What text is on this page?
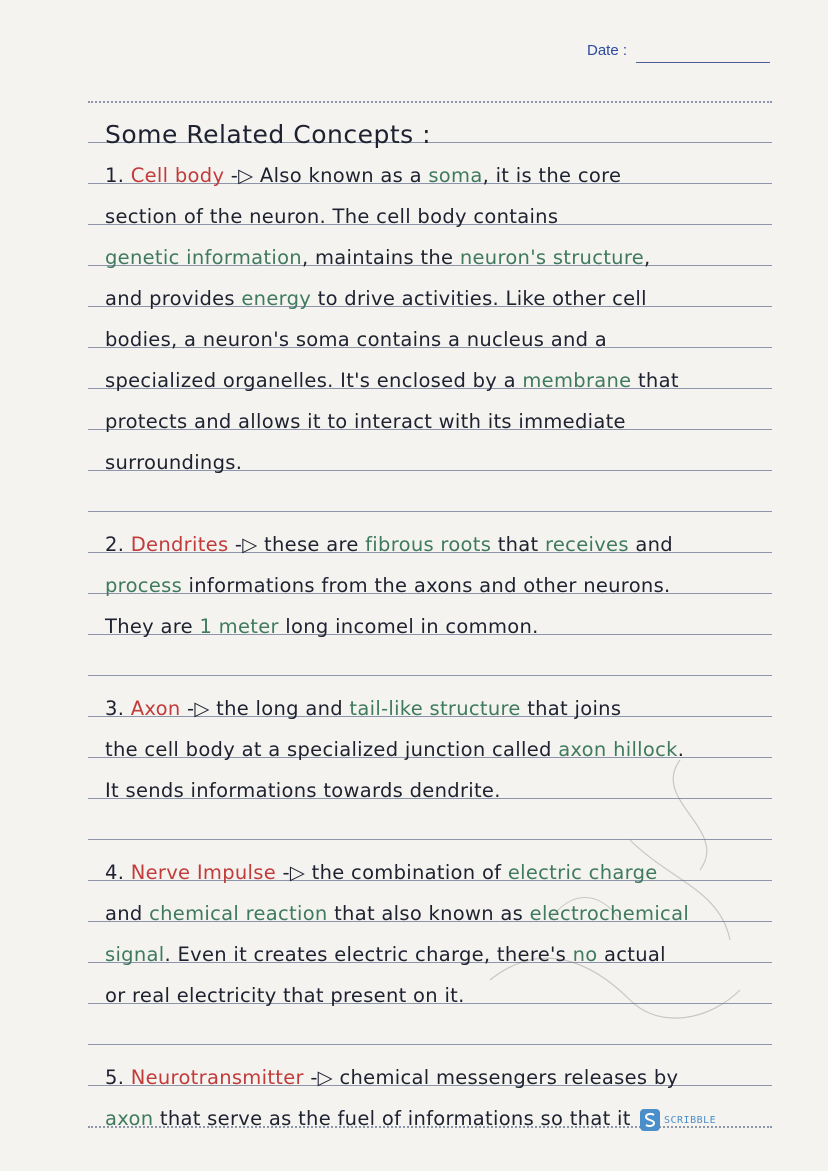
Date :
Some Related Concepts :
1. Cell body -▷ Also known as a soma, it is the core
section of the neuron. The cell body contains
genetic information, maintains the neuron's structure,
and provides energy to drive activities. Like other cell
bodies, a neuron's soma contains a nucleus and a
specialized organelles. It's enclosed by a membrane that
protects and allows it to interact with its immediate
surroundings.

2. Dendrites -▷ these are fibrous roots that receives and
process informations from the axons and other neurons.
They are 1 meter long incomel in common.

3. Axon -▷ the long and tail-like structure that joins
the cell body at a specialized junction called axon hillock.
It sends informations towards dendrite.

4. Nerve Impulse -▷ the combination of electric charge
and chemical reaction that also known as electrochemical
signal. Even it creates electric charge, there's no actual
or real electricity that present on it.

5. Neurotransmitter -▷ chemical messengers releases by
axon that serve as the fuel of informations so that it	SCRIBBLE
